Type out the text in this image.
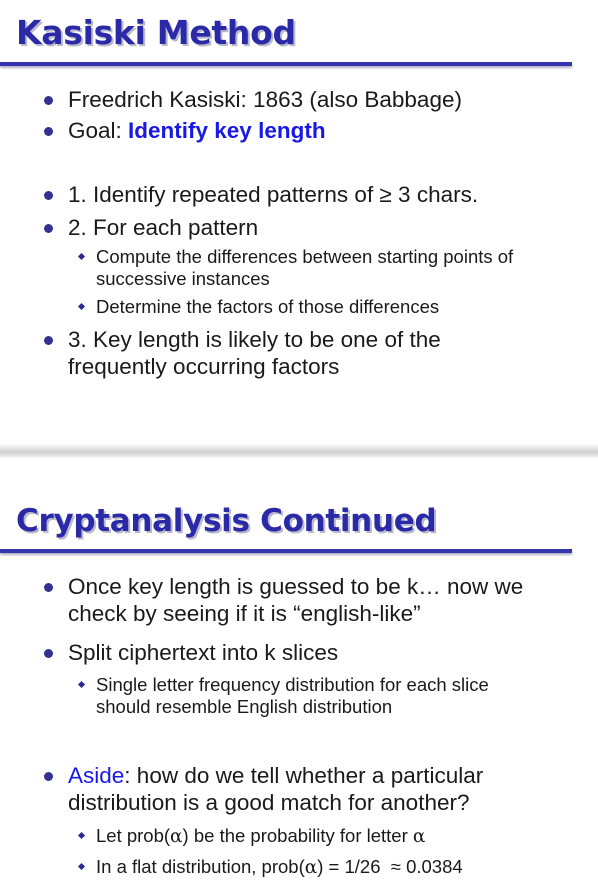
Kasiski Method
Freedrich Kasiski: 1863 (also Babbage)
Goal: Identify key length
1. Identify repeated patterns of ≥ 3 chars.
2. For each pattern
Compute the differences between starting points of
successive instances
Determine the factors of those differences
3. Key length is likely to be one of the
frequently occurring factors
Cryptanalysis Continued
Once key length is guessed to be k… now we
check by seeing if it is “english-like”
Split ciphertext into k slices
Single letter frequency distribution for each slice
should resemble English distribution
Aside: how do we tell whether a particular
distribution is a good match for another?
Let prob(α) be the probability for letter α
In a flat distribution, prob(α) = 1/26  ≈ 0.0384
